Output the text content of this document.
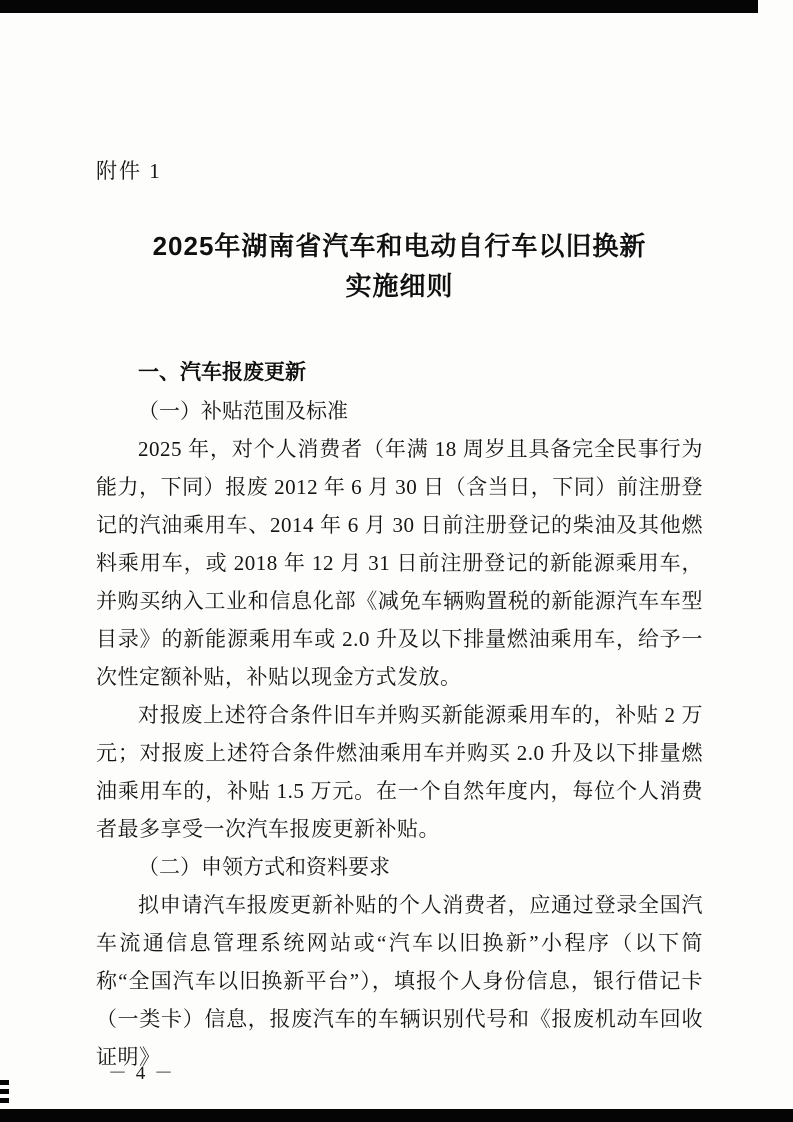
附件 1
2025年湖南省汽车和电动自行车以旧换新
实施细则
一、汽车报废更新
（一）补贴范围及标准

2025 年，对个人消费者（年满 18 周岁且具备完全民事行为能力，下同）报废 2012 年 6 月 30 日（含当日，下同）前注册登记的汽油乘用车、2014 年 6 月 30 日前注册登记的柴油及其他燃料乘用车，或 2018 年 12 月 31 日前注册登记的新能源乘用车，并购买纳入工业和信息化部《减免车辆购置税的新能源汽车车型目录》的新能源乘用车或 2.0 升及以下排量燃油乘用车，给予一次性定额补贴，补贴以现金方式发放。

对报废上述符合条件旧车并购买新能源乘用车的，补贴 2 万元；对报废上述符合条件燃油乘用车并购买 2.0 升及以下排量燃油乘用车的，补贴 1.5 万元。在一个自然年度内，每位个人消费者最多享受一次汽车报废更新补贴。

（二）申领方式和资料要求

拟申请汽车报废更新补贴的个人消费者，应通过登录全国汽车流通信息管理系统网站或“汽车以旧换新”小程序（以下简称“全国汽车以旧换新平台”），填报个人身份信息，银行借记卡（一类卡）信息，报废汽车的车辆识别代号和《报废机动车回收证明》

－ 4 －
